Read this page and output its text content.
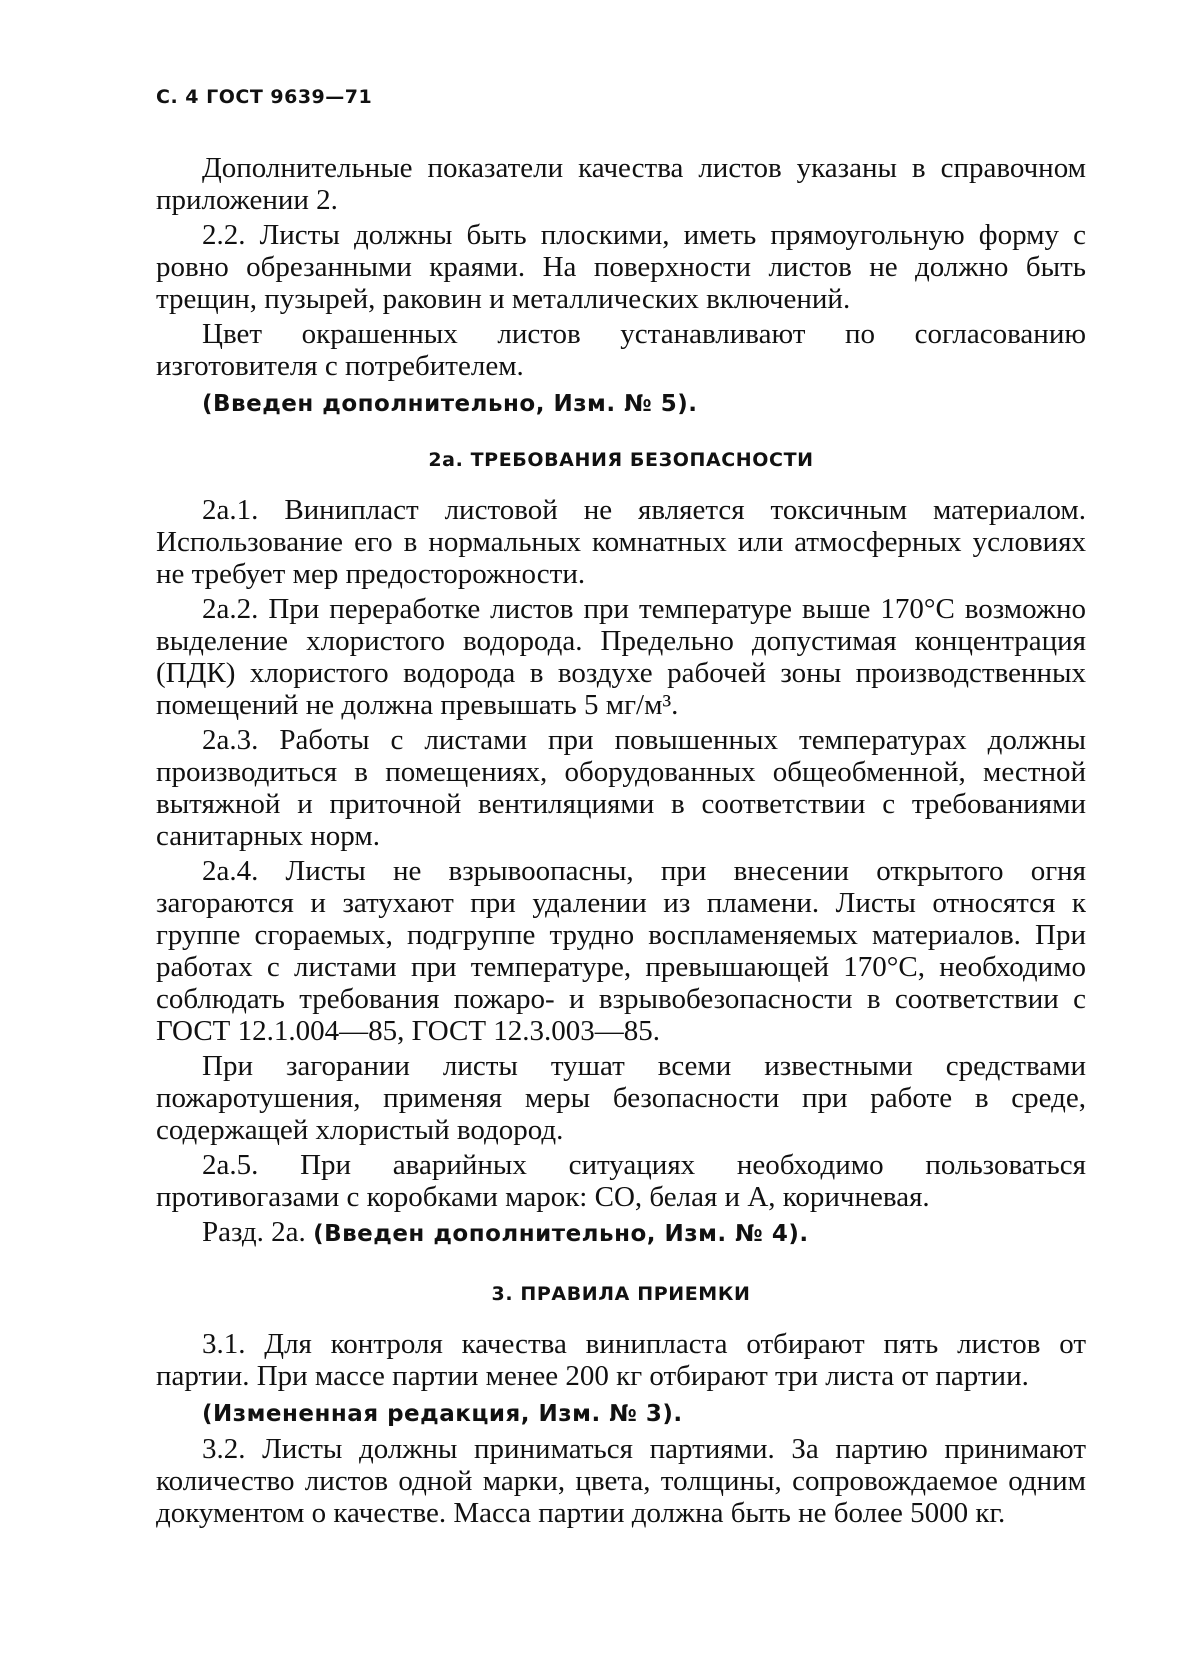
С. 4 ГОСТ 9639—71

Дополнительные показатели качества листов указаны в справочном приложении 2.

2.2. Листы должны быть плоскими, иметь прямоугольную форму с ровно обрезанными краями. На поверхности листов не должно быть трещин, пузырей, раковин и металлических включений.

Цвет окрашенных листов устанавливают по согласованию изготовителя с потребителем.

(Введен дополнительно, Изм. № 5).

2а. ТРЕБОВАНИЯ БЕЗОПАСНОСТИ

2а.1. Винипласт листовой не является токсичным материалом. Использование его в нормальных комнатных или атмосферных условиях не требует мер предосторожности.

2а.2. При переработке листов при температуре выше 170°С возможно выделение хлористого водорода. Предельно допустимая концентрация (ПДК) хлористого водорода в воздухе рабочей зоны производственных помещений не должна превышать 5 мг/м³.

2а.3. Работы с листами при повышенных температурах должны производиться в помещениях, оборудованных общеобменной, местной вытяжной и приточной вентиляциями в соответствии с требованиями санитарных норм.

2а.4. Листы не взрывоопасны, при внесении открытого огня загораются и затухают при удалении из пламени. Листы относятся к группе сгораемых, подгруппе трудно воспламеняемых материалов. При работах с листами при температуре, превышающей 170°С, необходимо соблюдать требования пожаро- и взрывобезопасности в соответствии с ГОСТ 12.1.004—85, ГОСТ 12.3.003—85.

При загорании листы тушат всеми известными средствами пожаротушения, применяя меры безопасности при работе в среде, содержащей хлористый водород.

2а.5. При аварийных ситуациях необходимо пользоваться противогазами с коробками марок: СО, белая и А, коричневая.

Разд. 2а. (Введен дополнительно, Изм. № 4).

3. ПРАВИЛА ПРИЕМКИ

3.1. Для контроля качества винипласта отбирают пять листов от партии. При массе партии менее 200 кг отбирают три листа от партии.

(Измененная редакция, Изм. № 3).

3.2. Листы должны приниматься партиями. За партию принимают количество листов одной марки, цвета, толщины, сопровождаемое одним документом о качестве. Масса партии должна быть не более 5000 кг.
